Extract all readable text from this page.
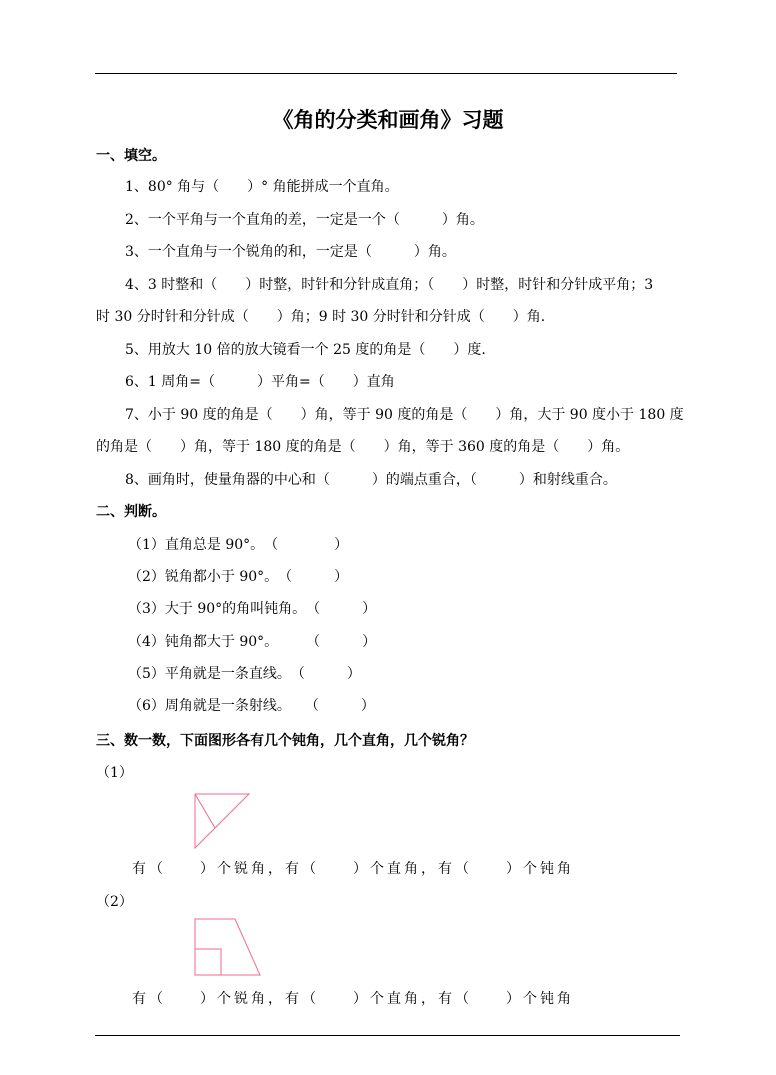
《角的分类和画角》习题
一、填空。
1、80° 角与（　　）° 角能拼成一个直角。
2、一个平角与一个直角的差，一定是一个（　　　）角。
3、一个直角与一个锐角的和，一定是（　　　）角。
4、3 时整和（　　）时整，时针和分针成直角；（　　）时整，时针和分针成平角；3
时 30 分时针和分针成（　　）角；9 时 30 分时针和分针成（　　）角.
5、用放大 10 倍的放大镜看一个 25 度的角是（　　）度.
6、1 周角=（　　　）平角=（　　）直角
7、小于 90 度的角是（　　）角，等于 90 度的角是（　　）角，大于 90 度小于 180 度
的角是（　　）角，等于 180 度的角是（　　）角，等于 360 度的角是（　　）角。
8、画角时，使量角器的中心和（　　　）的端点重合，（　　　）和射线重合。
二、判断。
（1）直角总是 90°。　（　　　　）
（2）锐角都小于 90°。　（　　　）
（3）大于 90°的角叫钝角。　（　　　）
（4）钝角都大于 90°。　　　（　　　）
（5）平角就是一条直线。　（　　　）
（6）周角就是一条射线。　　（　　　）
三、数一数，下面图形各有几个钝角，几个直角，几个锐角？
（1）
有（　　）个锐角，有（　　）个直角，有（　　）个钝角
（2）
有（　　）个锐角，有（　　）个直角，有（　　）个钝角
